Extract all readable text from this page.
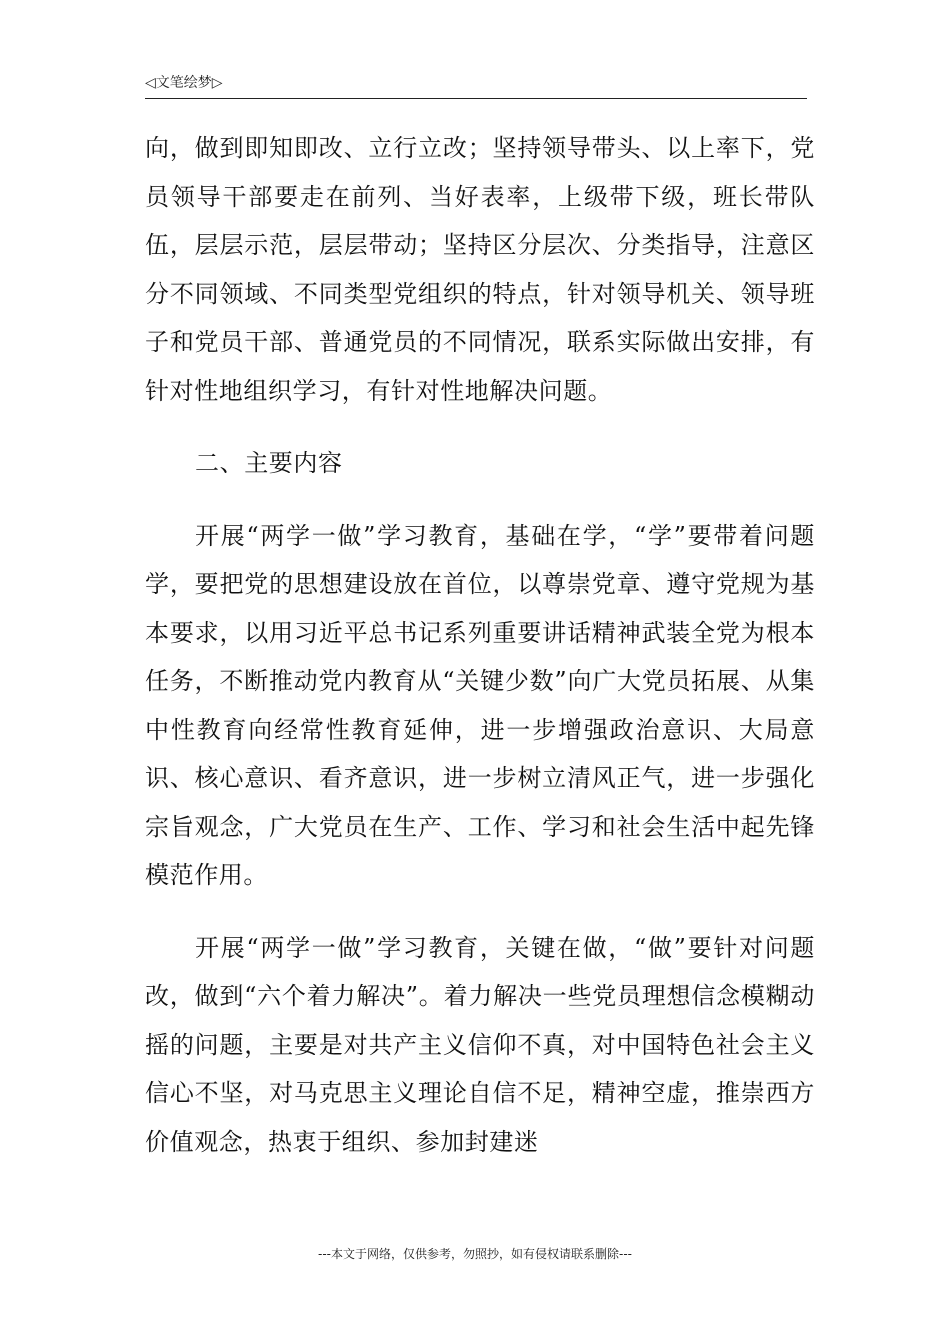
◁文笔绘梦▷

向，做到即知即改、立行立改；坚持领导带头、以上率下，党员领导干部要走在前列、当好表率，上级带下级，班长带队伍，层层示范，层层带动；坚持区分层次、分类指导，注意区分不同领域、不同类型党组织的特点，针对领导机关、领导班子和党员干部、普通党员的不同情况，联系实际做出安排，有针对性地组织学习，有针对性地解决问题。

二、主要内容

开展“两学一做”学习教育，基础在学，“学”要带着问题学，要把党的思想建设放在首位，以尊崇党章、遵守党规为基本要求，以用习近平总书记系列重要讲话精神武装全党为根本任务，不断推动党内教育从“关键少数”向广大党员拓展、从集中性教育向经常性教育延伸，进一步增强政治意识、大局意识、核心意识、看齐意识，进一步树立清风正气，进一步强化宗旨观念，广大党员在生产、工作、学习和社会生活中起先锋模范作用。

开展“两学一做”学习教育，关键在做，“做”要针对问题改，做到“六个着力解决”。着力解决一些党员理想信念模糊动摇的问题，主要是对共产主义信仰不真，对中国特色社会主义信心不坚，对马克思主义理论自信不足，精神空虚，推崇西方价值观念，热衷于组织、参加封建迷

---本文于网络，仅供参考，勿照抄，如有侵权请联系删除---
